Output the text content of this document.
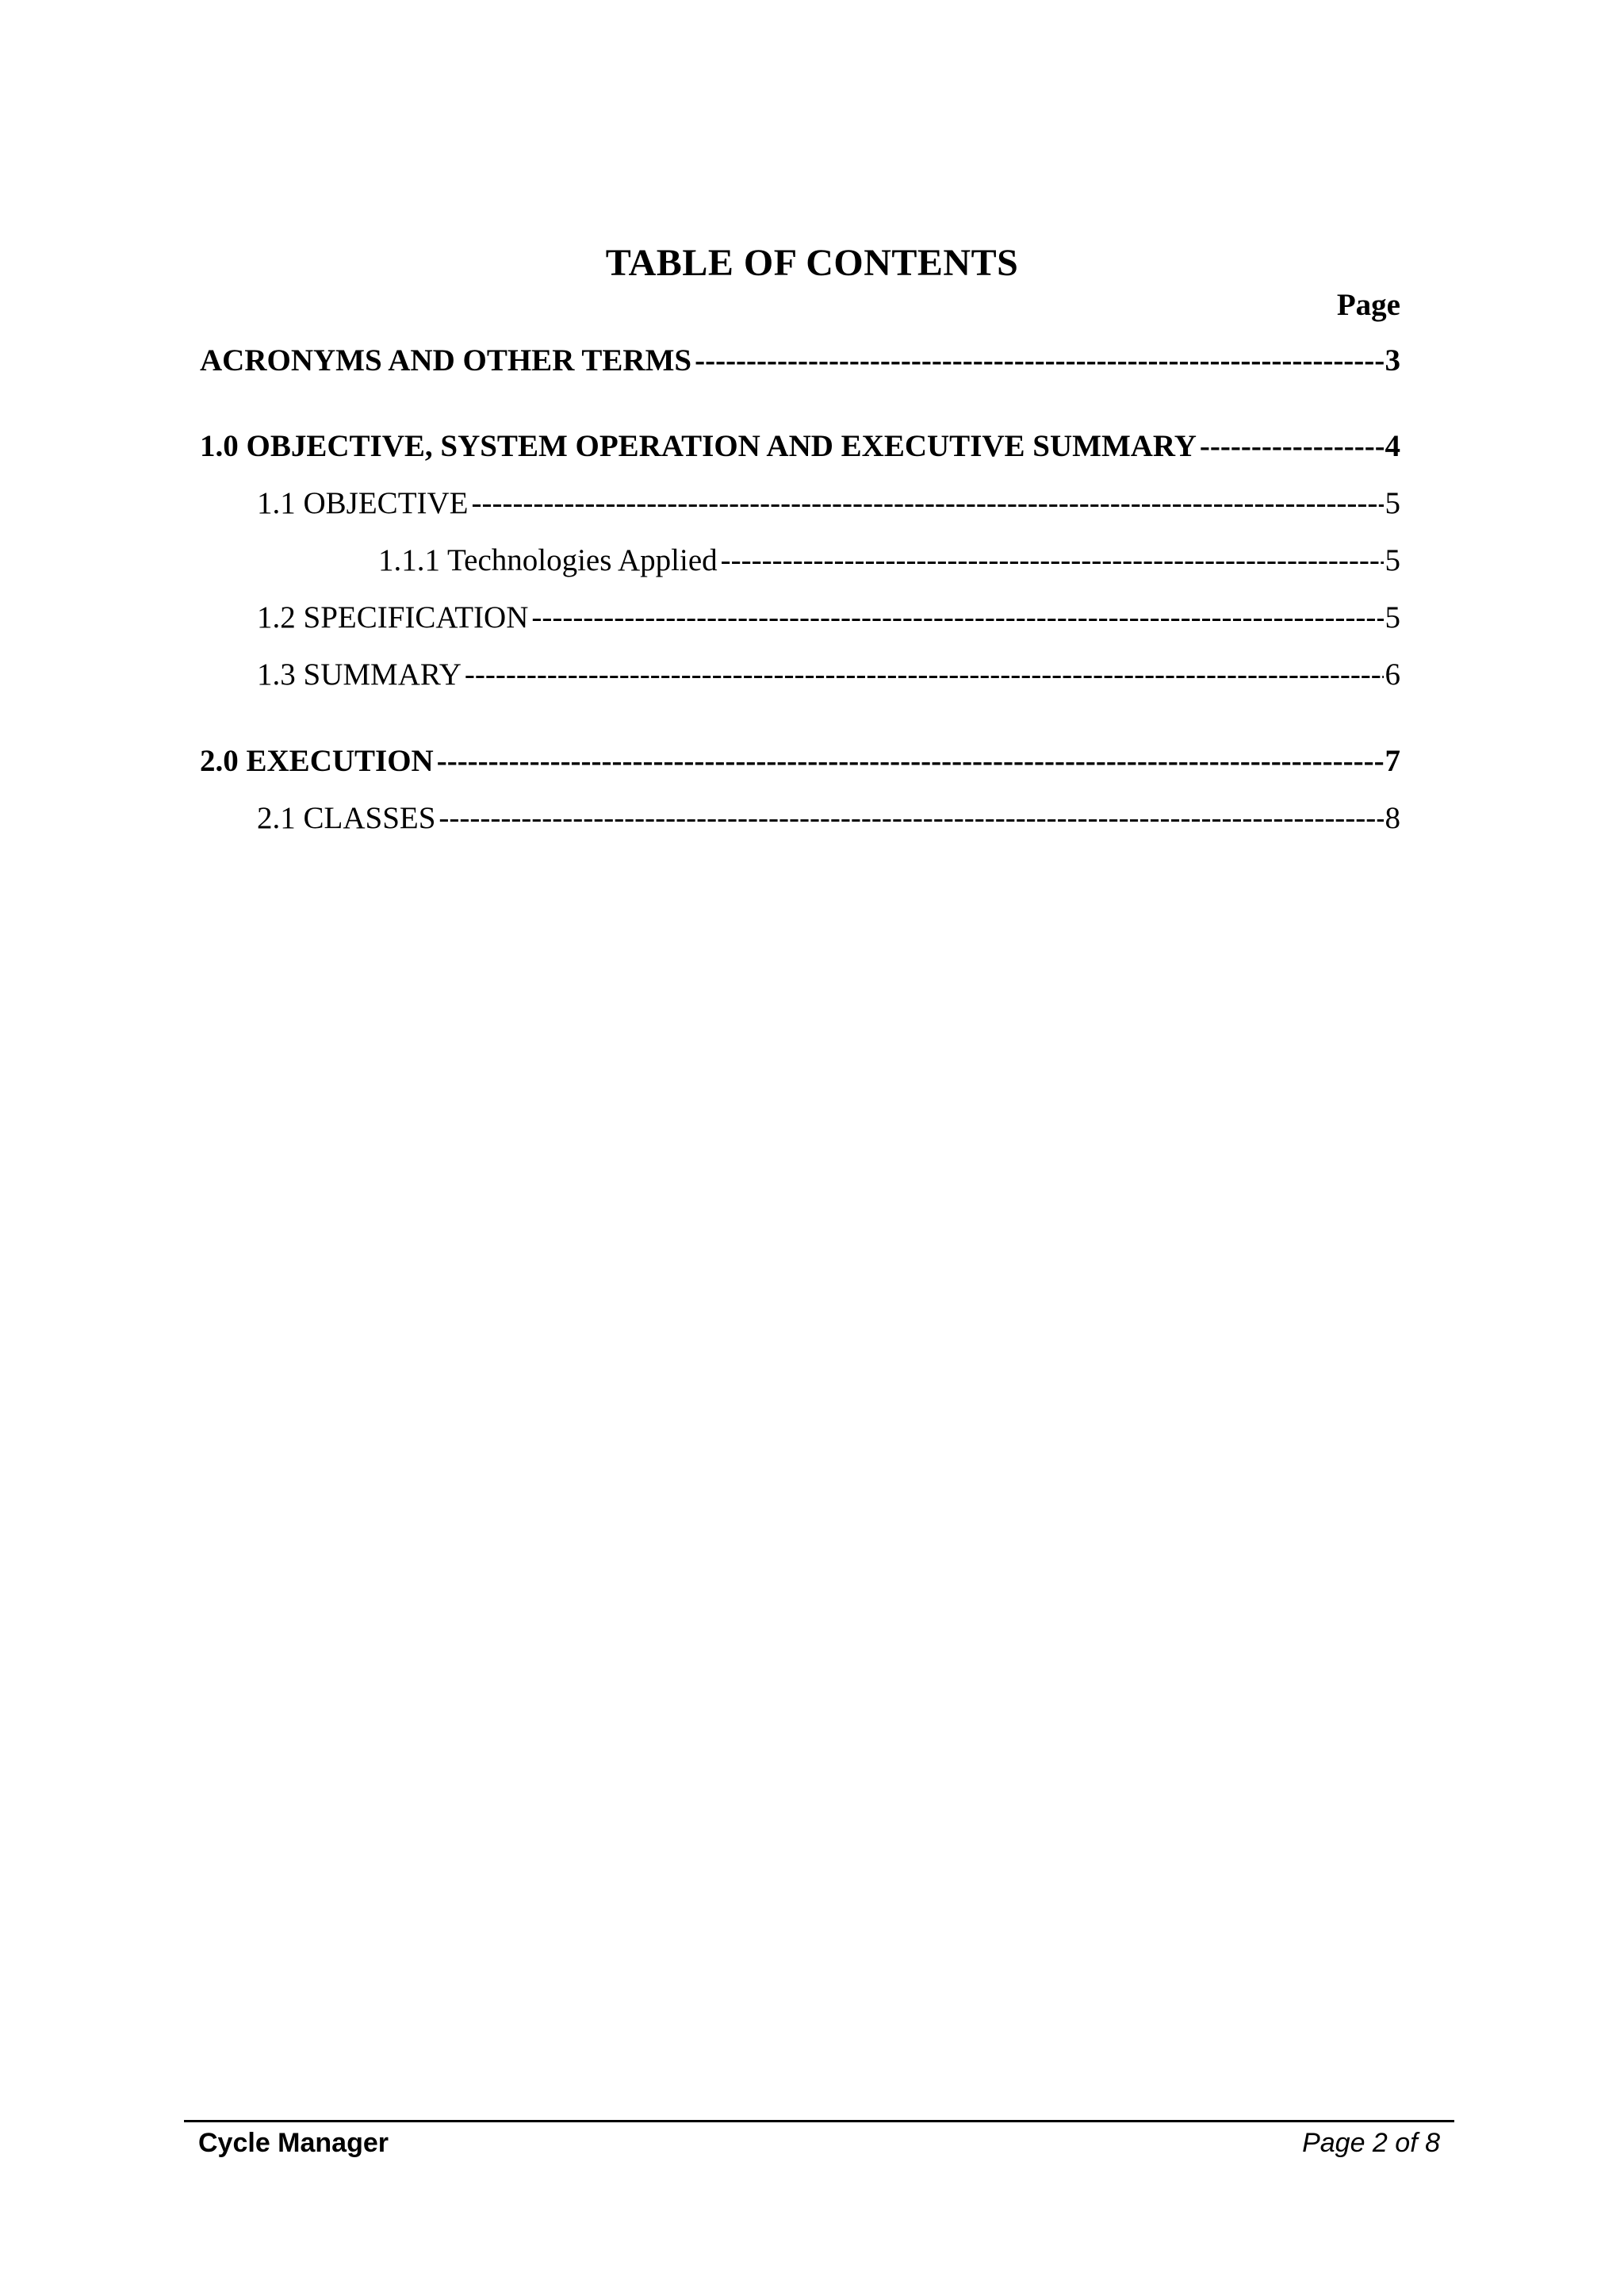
TABLE OF CONTENTS
Page
ACRONYMS AND OTHER TERMS -----	3
1.0 OBJECTIVE, SYSTEM OPERATION AND EXECUTIVE SUMMARY -----	4
1.1 OBJECTIVE -----	5
1.1.1 Technologies Applied -----	5
1.2 SPECIFICATION -----	5
1.3 SUMMARY -----	6
2.0 EXECUTION -----	7
2.1 CLASSES -----	8
Cycle Manager	Page 2 of 8
